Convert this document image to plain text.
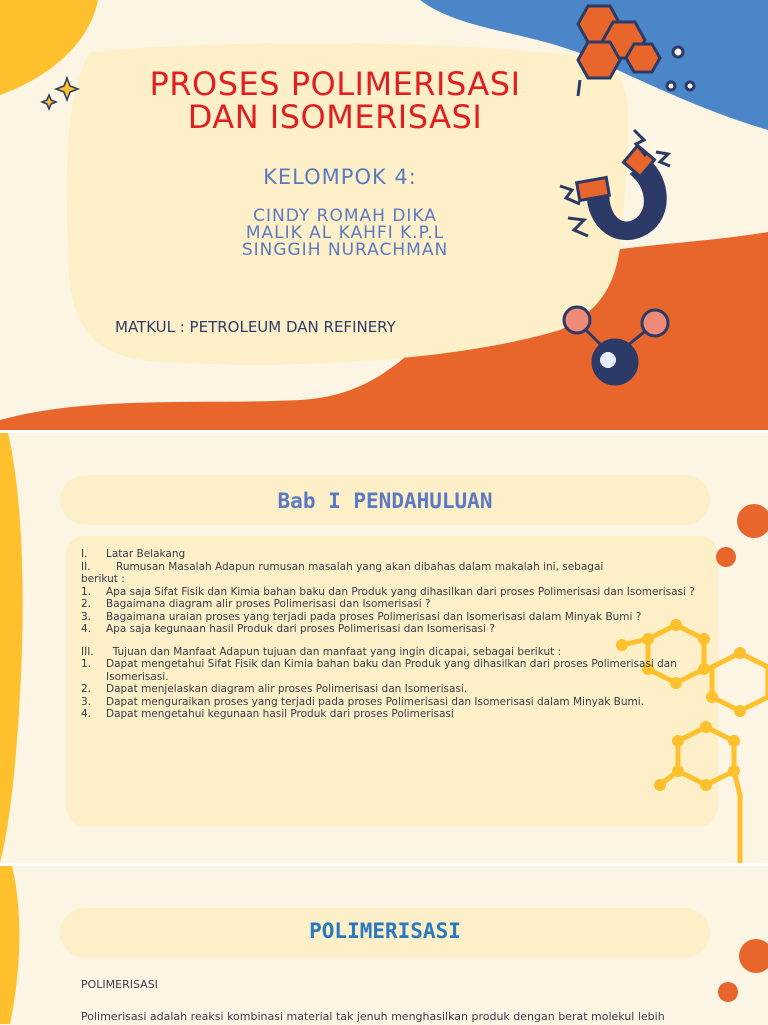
PROSES POLIMERISASI
DAN ISOMERISASI
KELOMPOK 4:
CINDY ROMAH DIKA
MALIK AL KAHFI K.P.L
SINGGIH NURACHMAN
MATKUL : PETROLEUM DAN REFINERY
Bab I PENDAHULUAN
I.	Latar Belakang
II.	Rumusan Masalah Adapun rumusan masalah yang akan dibahas dalam makalah ini, sebagai
berikut :
1.	Apa saja Sifat Fisik dan Kimia bahan baku dan Produk yang dihasilkan dari proses Polimerisasi dan Isomerisasi ?
2.	Bagaimana diagram alir proses Polimerisasi dan Isomerisasi ?
3.	Bagaimana uraian proses yang terjadi pada proses Polimerisasi dan Isomerisasi dalam Minyak Bumi ?
4.	Apa saja kegunaan hasil Produk dari proses Polimerisasi dan Isomerisasi ?
III.	Tujuan dan Manfaat Adapun tujuan dan manfaat yang ingin dicapai, sebagai berikut :
1.	Dapat mengetahui Sifat Fisik dan Kimia bahan baku dan Produk yang dihasilkan dari proses Polimerisasi dan Isomerisasi.
2.	Dapat menjelaskan diagram alir proses Polimerisasi dan Isomerisasi.
3.	Dapat menguraikan proses yang terjadi pada proses Polimerisasi dan Isomerisasi dalam Minyak Bumi.
4.	Dapat mengetahui kegunaan hasil Produk dari proses Polimerisasi
POLIMERISASI
POLIMERISASI
Polimerisasi adalah reaksi kombinasi material tak jenuh menghasilkan produk dengan berat molekul lebih
